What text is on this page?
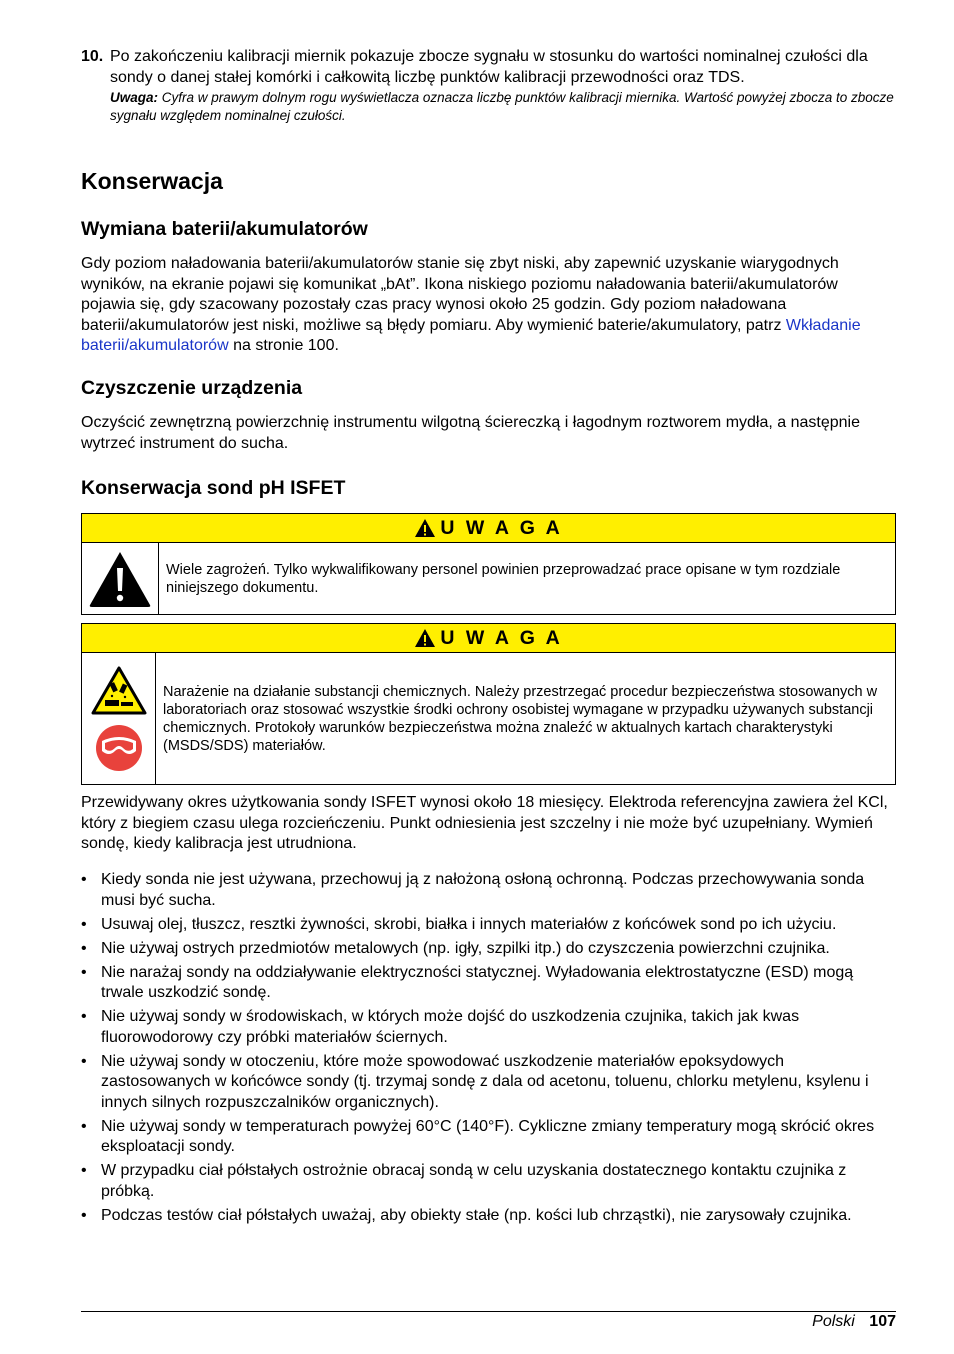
10. Po zakończeniu kalibracji miernik pokazuje zbocze sygnału w stosunku do wartości nominalnej czułości dla sondy o danej stałej komórki i całkowitą liczbę punktów kalibracji przewodności oraz TDS.
Uwaga: Cyfra w prawym dolnym rogu wyświetlacza oznacza liczbę punktów kalibracji miernika. Wartość powyżej zbocza to zbocze sygnału względem nominalnej czułości.
Konserwacja
Wymiana baterii/akumulatorów
Gdy poziom naładowania baterii/akumulatorów stanie się zbyt niski, aby zapewnić uzyskanie wiarygodnych wyników, na ekranie pojawi się komunikat „bAt”. Ikona niskiego poziomu naładowania baterii/akumulatorów pojawia się, gdy szacowany pozostały czas pracy wynosi około 25 godzin. Gdy poziom naładowana baterii/akumulatorów jest niski, możliwe są błędy pomiaru. Aby wymienić baterie/akumulatory, patrz Wkładanie baterii/akumulatorów na stronie 100.
Czyszczenie urządzenia
Oczyścić zewnętrzną powierzchnię instrumentu wilgotną ściereczką i łagodnym roztworem mydła, a następnie wytrzeć instrument do sucha.
Konserwacja sond pH ISFET
U W A G A
Wiele zagrożeń. Tylko wykwalifikowany personel powinien przeprowadzać prace opisane w tym rozdziale niniejszego dokumentu.
U W A G A
Narażenie na działanie substancji chemicznych. Należy przestrzegać procedur bezpieczeństwa stosowanych w laboratoriach oraz stosować wszystkie środki ochrony osobistej wymagane w przypadku używanych substancji chemicznych. Protokoły warunków bezpieczeństwa można znaleźć w aktualnych kartach charakterystyki (MSDS/SDS) materiałów.
Przewidywany okres użytkowania sondy ISFET wynosi około 18 miesięcy. Elektroda referencyjna zawiera żel KCl, który z biegiem czasu ulega rozcieńczeniu. Punkt odniesienia jest szczelny i nie może być uzupełniany. Wymień sondę, kiedy kalibracja jest utrudniona.
• Kiedy sonda nie jest używana, przechowuj ją z nałożoną osłoną ochronną. Podczas przechowywania sonda musi być sucha.
• Usuwaj olej, tłuszcz, resztki żywności, skrobi, białka i innych materiałów z końcówek sond po ich użyciu.
• Nie używaj ostrych przedmiotów metalowych (np. igły, szpilki itp.) do czyszczenia powierzchni czujnika.
• Nie narażaj sondy na oddziaływanie elektryczności statycznej. Wyładowania elektrostatyczne (ESD) mogą trwale uszkodzić sondę.
• Nie używaj sondy w środowiskach, w których może dojść do uszkodzenia czujnika, takich jak kwas fluorowodorowy czy próbki materiałów ściernych.
• Nie używaj sondy w otoczeniu, które może spowodować uszkodzenie materiałów epoksydowych zastosowanych w końcówce sondy (tj. trzymaj sondę z dala od acetonu, toluenu, chlorku metylenu, ksylenu i innych silnych rozpuszczalników organicznych).
• Nie używaj sondy w temperaturach powyżej 60°C (140°F). Cykliczne zmiany temperatury mogą skrócić okres eksploatacji sondy.
• W przypadku ciał półstałych ostrożnie obracaj sondą w celu uzyskania dostatecznego kontaktu czujnika z próbką.
• Podczas testów ciał półstałych uważaj, aby obiekty stałe (np. kości lub chrząstki), nie zarysowały czujnika.
Polski 107
